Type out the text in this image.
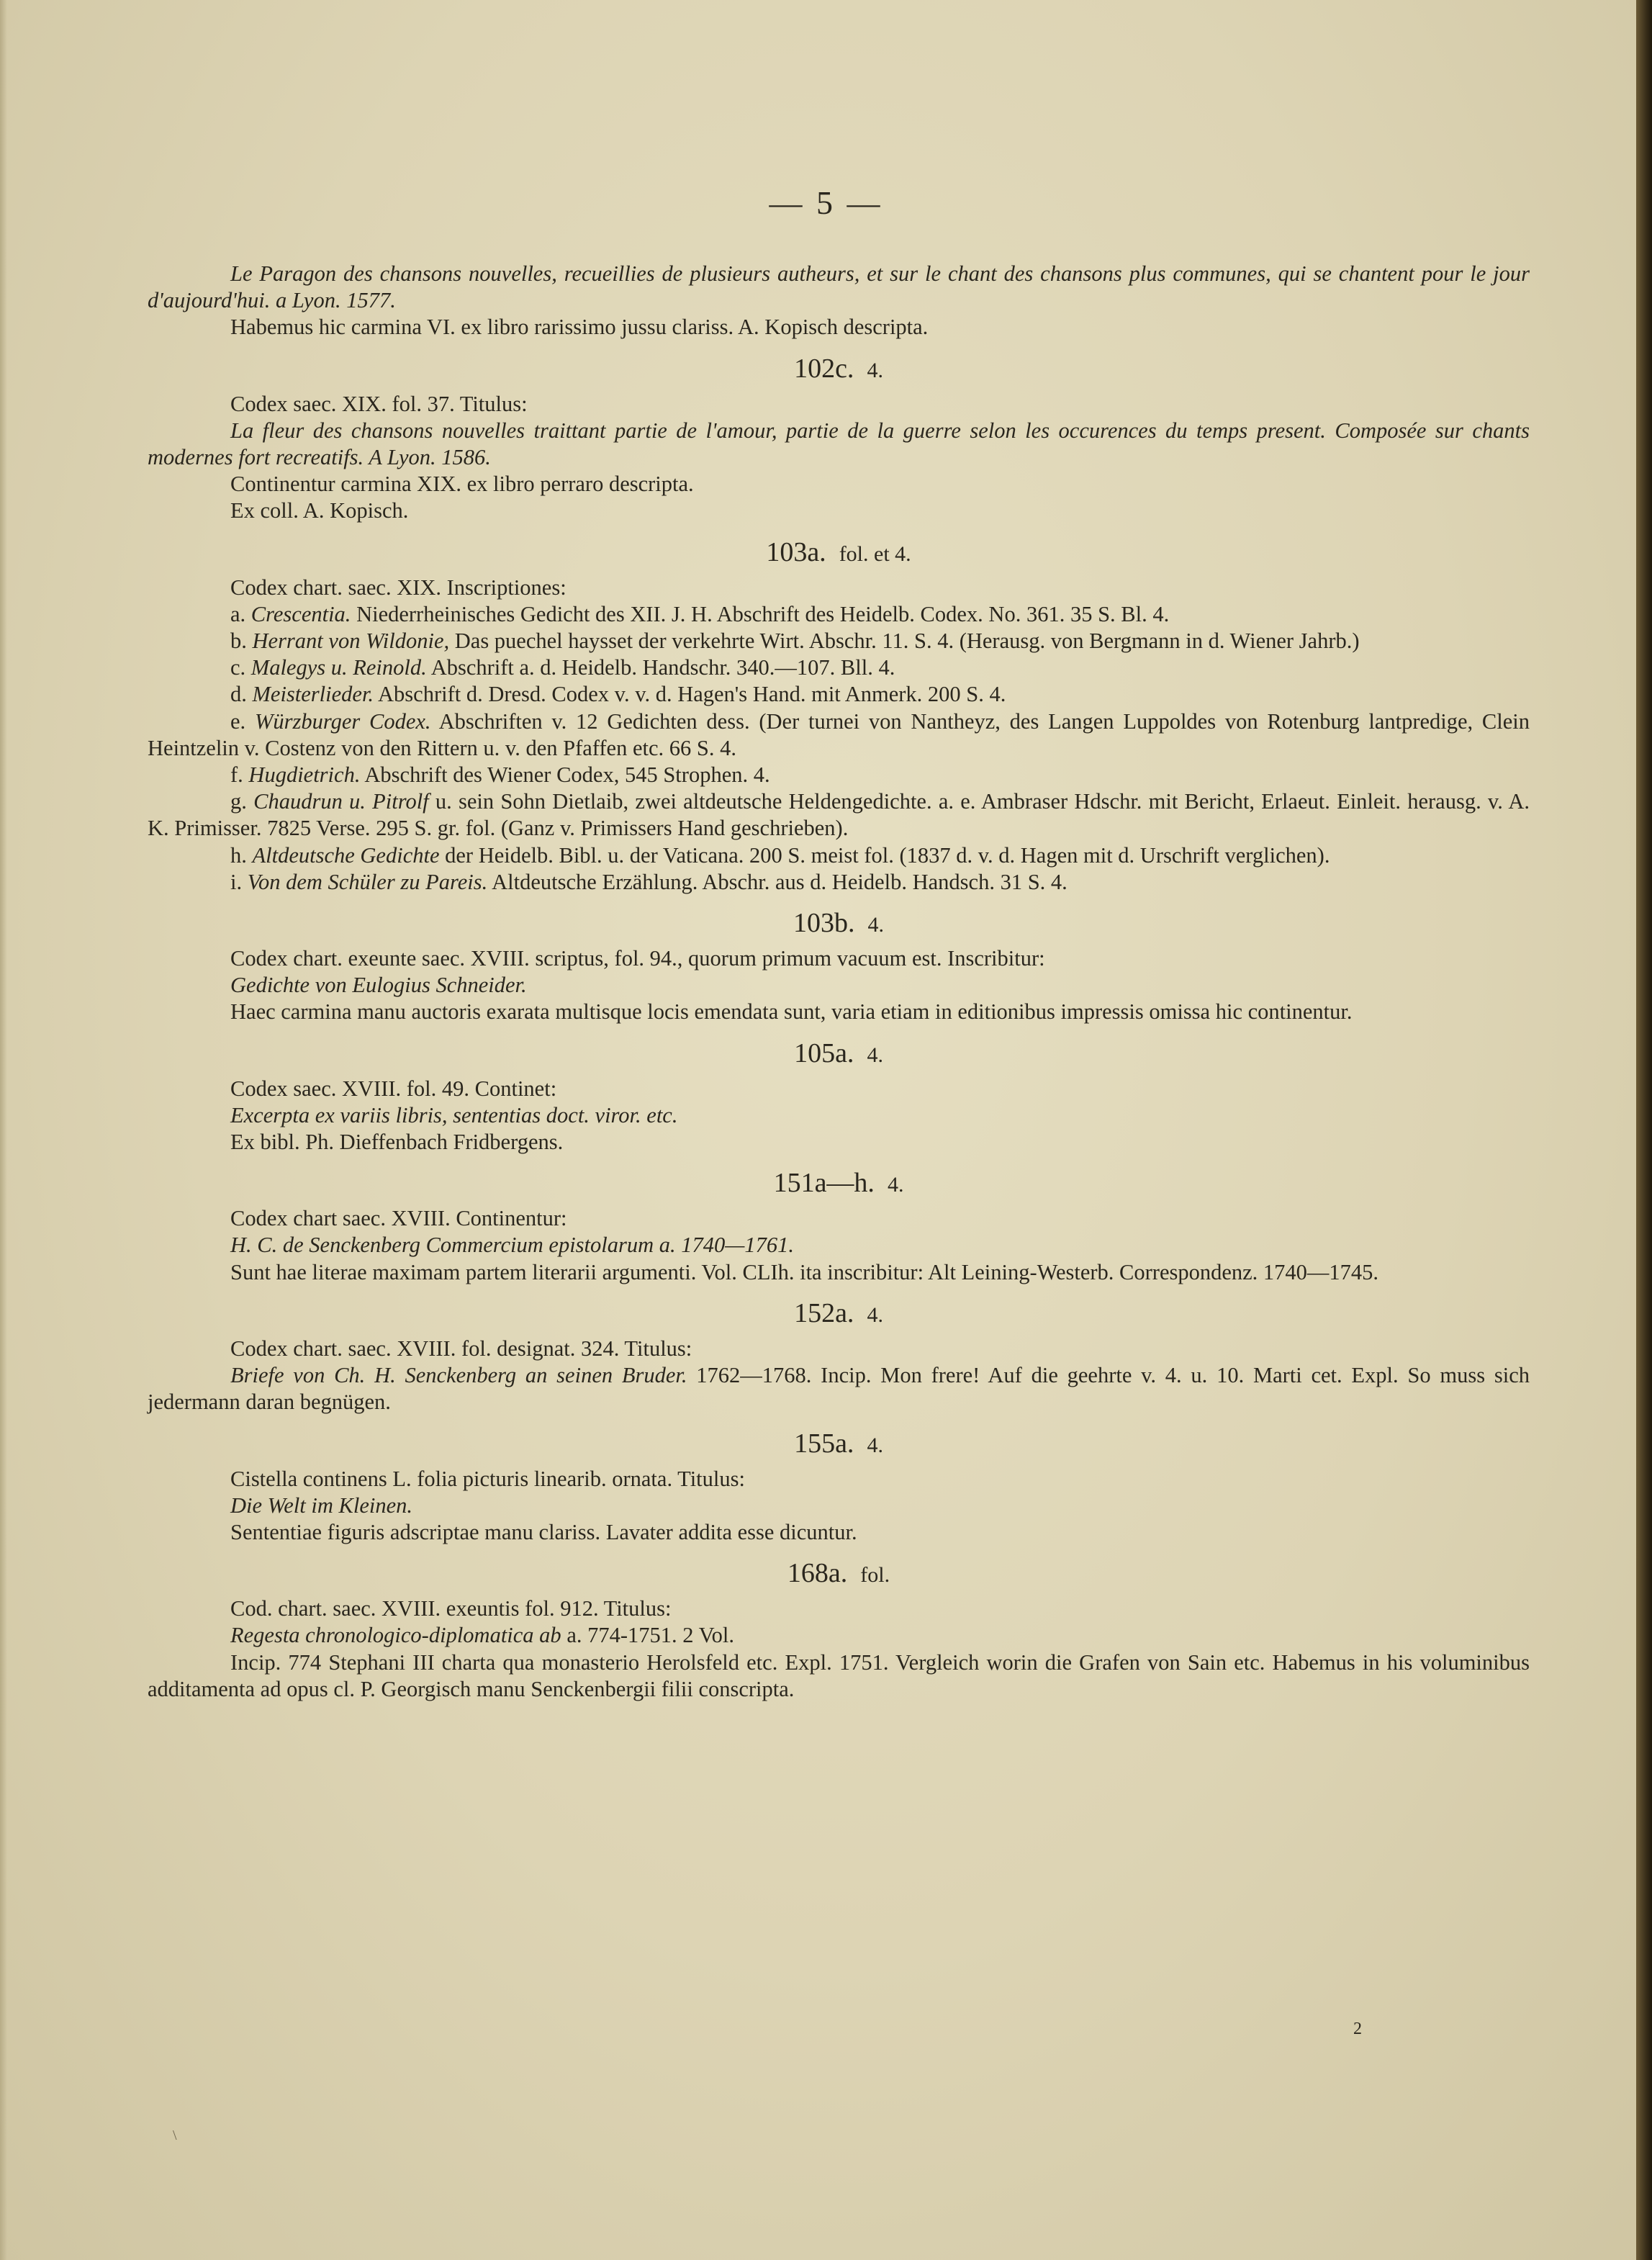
— 5 —

Le Paragon des chansons nouvelles, recueillies de plusieurs autheurs, et sur le chant des chansons plus communes, qui se chantent pour le jour d'aujourd'hui. a Lyon. 1577.

Habemus hic carmina VI. ex libro rarissimo jussu clariss. A. Kopisch descripta.

102c. 4.

Codex saec. XIX. fol. 37. Titulus:

La fleur des chansons nouvelles traittant partie de l'amour, partie de la guerre selon les occurences du temps present. Composée sur chants modernes fort recreatifs. A Lyon. 1586.

Continentur carmina XIX. ex libro perraro descripta.

Ex coll. A. Kopisch.

103a. fol. et 4.

Codex chart. saec. XIX. Inscriptiones:

a. Crescentia. Niederrheinisches Gedicht des XII. J. H. Abschrift des Heidelb. Codex. No. 361. 35 S. Bl. 4.

b. Herrant von Wildonie, Das puechel haysset der verkehrte Wirt. Abschr. 11. S. 4. (Herausg. von Bergmann in d. Wiener Jahrb.)

c. Malegys u. Reinold. Abschrift a. d. Heidelb. Handschr. 340.—107. Bll. 4.

d. Meisterlieder. Abschrift d. Dresd. Codex v. v. d. Hagen's Hand. mit Anmerk. 200 S. 4.

e. Würzburger Codex. Abschriften v. 12 Gedichten dess. (Der turnei von Nantheyz, des Langen Luppoldes von Rotenburg lantpredige, Clein Heintzelin v. Costenz von den Rittern u. v. den Pfaffen etc. 66 S. 4.

f. Hugdietrich. Abschrift des Wiener Codex, 545 Strophen. 4.

g. Chaudrun u. Pitrolf u. sein Sohn Dietlaib, zwei altdeutsche Heldengedichte. a. e. Ambraser Hdschr. mit Bericht, Erlaeut. Einleit. herausg. v. A. K. Primisser. 7825 Verse. 295 S. gr. fol. (Ganz v. Primissers Hand geschrieben).

h. Altdeutsche Gedichte der Heidelb. Bibl. u. der Vaticana. 200 S. meist fol. (1837 d. v. d. Hagen mit d. Urschrift verglichen).

i. Von dem Schüler zu Pareis. Altdeutsche Erzählung. Abschr. aus d. Heidelb. Handsch. 31 S. 4.

103b. 4.

Codex chart. exeunte saec. XVIII. scriptus, fol. 94., quorum primum vacuum est. Inscribitur:

Gedichte von Eulogius Schneider.

Haec carmina manu auctoris exarata multisque locis emendata sunt, varia etiam in editionibus impressis omissa hic continentur.

105a. 4.

Codex saec. XVIII. fol. 49. Continet:

Excerpta ex variis libris, sententias doct. viror. etc.

Ex bibl. Ph. Dieffenbach Fridbergens.

151a—h. 4.

Codex chart saec. XVIII. Continentur:

H. C. de Senckenberg Commercium epistolarum a. 1740—1761.

Sunt hae literae maximam partem literarii argumenti. Vol. CLIh. ita inscribitur: Alt Leining-Westerb. Correspondenz. 1740—1745.

152a. 4.

Codex chart. saec. XVIII. fol. designat. 324. Titulus:

Briefe von Ch. H. Senckenberg an seinen Bruder. 1762—1768. Incip. Mon frere! Auf die geehrte v. 4. u. 10. Marti cet. Expl. So muss sich jedermann daran begnügen.

155a. 4.

Cistella continens L. folia picturis linearib. ornata. Titulus:

Die Welt im Kleinen.

Sententiae figuris adscriptae manu clariss. Lavater addita esse dicuntur.

168a. fol.

Cod. chart. saec. XVIII. exeuntis fol. 912. Titulus:

Regesta chronologico-diplomatica ab a. 774-1751. 2 Vol.

Incip. 774 Stephani III charta qua monasterio Herolsfeld etc. Expl. 1751. Vergleich worin die Grafen von Sain etc. Habemus in his voluminibus additamenta ad opus cl. P. Georgisch manu Senckenbergii filii conscripta.

2
\
